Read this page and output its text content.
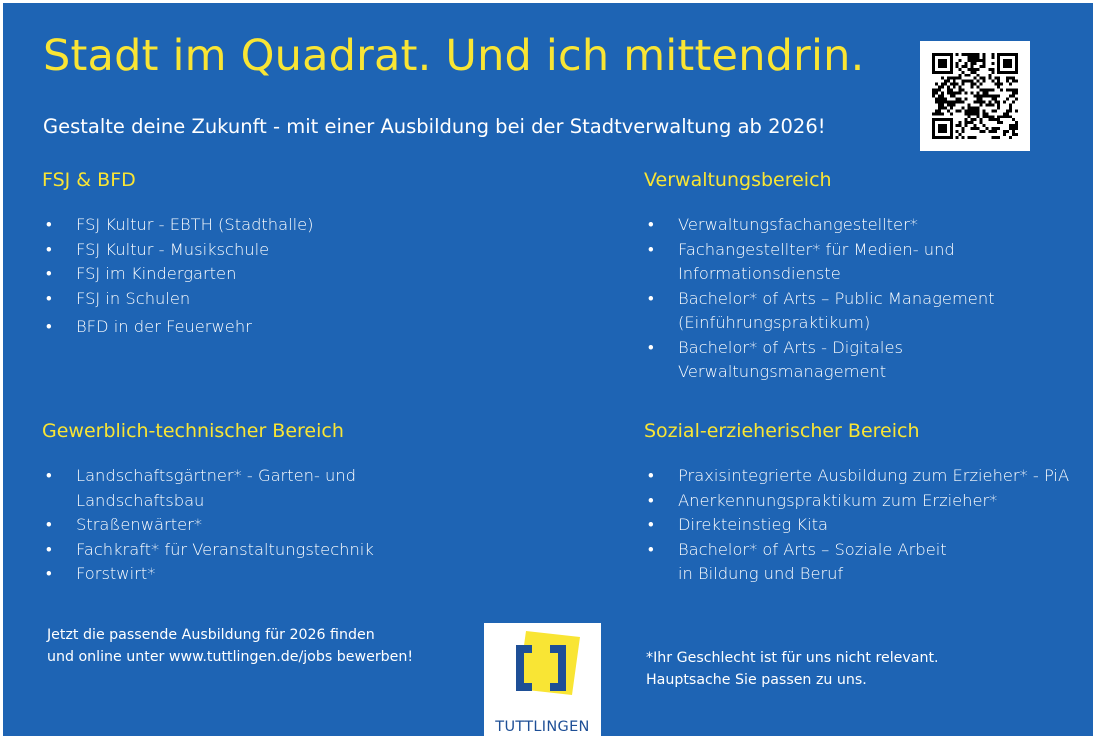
Stadt im Quadrat. Und ich mittendrin.

Gestalte deine Zukunft - mit einer Ausbildung bei der Stadtverwaltung ab 2026!

FSJ & BFD
• FSJ Kultur - EBTH (Stadthalle)
• FSJ Kultur - Musikschule
• FSJ im Kindergarten
• FSJ in Schulen
• BFD in der Feuerwehr
Verwaltungsbereich
• Verwaltungsfachangestellter*
• Fachangestellter* für Medien- und
Informationsdienste
• Bachelor* of Arts – Public Management
(Einführungspraktikum)
• Bachelor* of Arts - Digitales
Verwaltungsmanagement
Gewerblich-technischer Bereich
• Landschaftsgärtner* - Garten- und
Landschaftsbau
• Straßenwärter*
• Fachkraft* für Veranstaltungstechnik
• Forstwirt*
Sozial-erzieherischer Bereich
• Praxisintegrierte Ausbildung zum Erzieher* - PiA
• Anerkennungspraktikum zum Erzieher*
• Direkteinstieg Kita
• Bachelor* of Arts – Soziale Arbeit
in Bildung und Beruf
Jetzt die passende Ausbildung für 2026 finden
und online unter www.tuttlingen.de/jobs bewerben!
TUTTLINGEN
*Ihr Geschlecht ist für uns nicht relevant.
Hauptsache Sie passen zu uns.
